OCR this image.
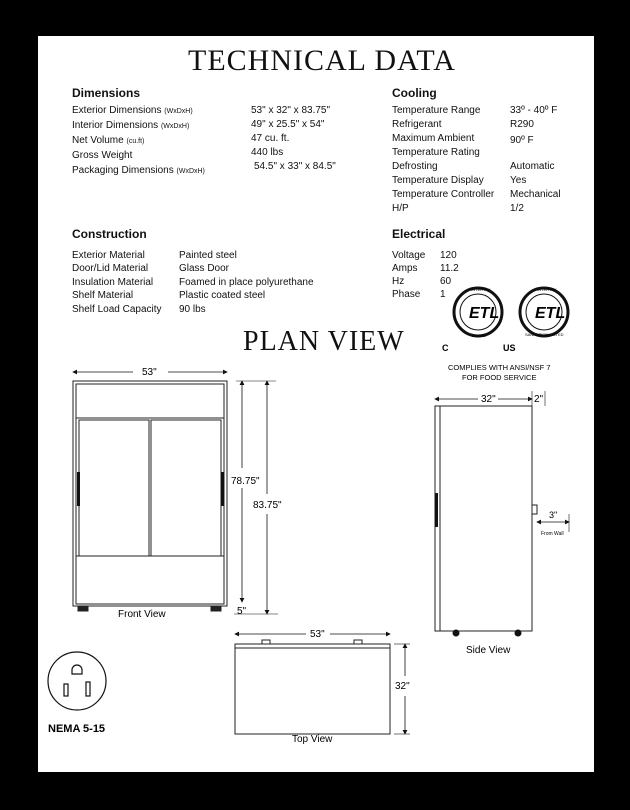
TECHNICAL DATA
Dimensions
Exterior Dimensions (WxDxH)
Interior Dimensions (WxDxH)
Net Volume (cu.ft)
Gross Weight
Packaging Dimensions (WxDxH)
53" x 32" x 83.75"
49" x 25.5" x 54"
47 cu. ft.
440 lbs
54.5" x 33" x 84.5"
Cooling
Temperature Range
Refrigerant
Maximum Ambient
Temperature Rating
Defrosting
Temperature Display
Temperature Controller
H/P
33º - 40º F
R290
90º F

Automatic
Yes
Mechanical
1/2
Construction
Exterior Material
Door/Lid Material
Insulation Material
Shelf Material
Shelf Load Capacity
Painted steel
Glass Door
Foamed in place polyurethane
Plastic coated steel
90 lbs
Electrical
Voltage
Amps
Hz
Phase
120
11.2
60
1
PLAN VIEW
ETL
INTERTEK
LISTED
C	US
ETL
INTERTEK
SANITATION LISTED
COMPLIES WITH ANSI/NSF 7
FOR FOOD SERVICE
53"
78.75"
83.75"
5"
Front View
32"	2"
3"
From Wall
Side View
53"
32"
Top View
NEMA 5-15
